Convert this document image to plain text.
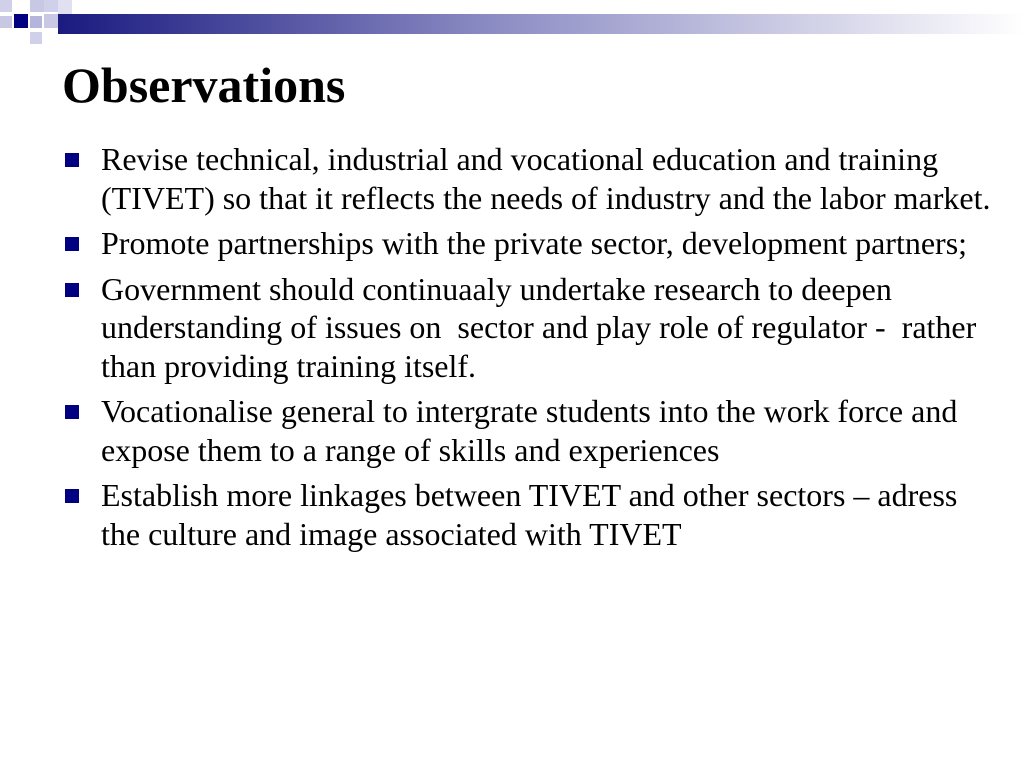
Observations
Revise technical, industrial and vocational education and training (TIVET) so that it reflects the needs of industry and the labor market.
Promote partnerships with the private sector, development partners;
Government should continuaaly undertake research to deepen understanding of issues on  sector and play role of regulator -  rather than providing training itself.
Vocationalise general to intergrate students into the work force and expose them to a range of skills and experiences
Establish more linkages between TIVET and other sectors – adress the culture and image associated with TIVET
